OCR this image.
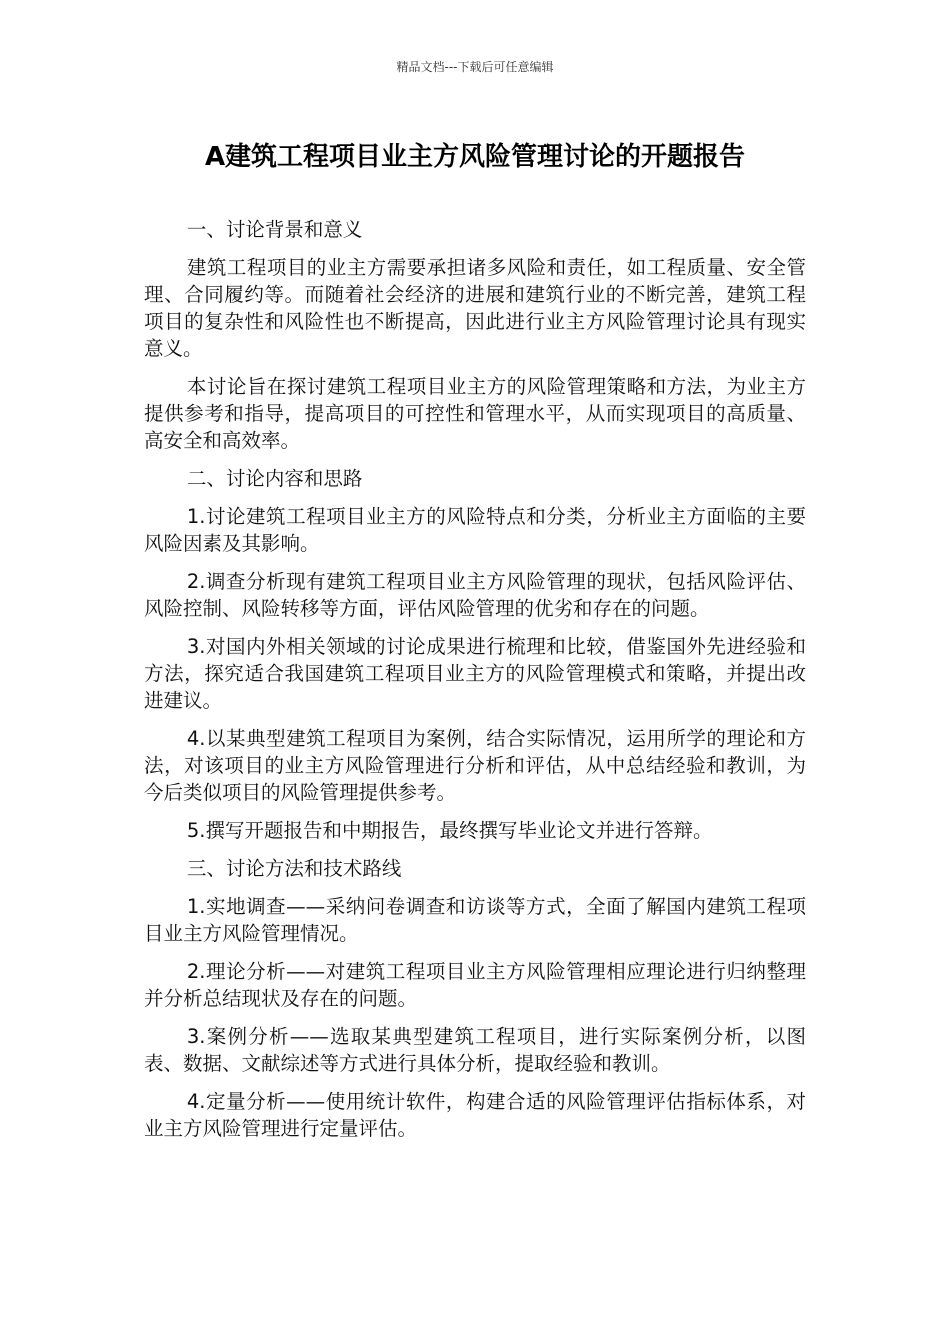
精品文档---下载后可任意编辑
A建筑工程项目业主方风险管理讨论的开题报告

一、讨论背景和意义

建筑工程项目的业主方需要承担诸多风险和责任，如工程质量、安全管理、合同履约等。而随着社会经济的进展和建筑行业的不断完善，建筑工程项目的复杂性和风险性也不断提高，因此进行业主方风险管理讨论具有现实意义。

本讨论旨在探讨建筑工程项目业主方的风险管理策略和方法，为业主方提供参考和指导，提高项目的可控性和管理水平，从而实现项目的高质量、高安全和高效率。

二、讨论内容和思路

1.讨论建筑工程项目业主方的风险特点和分类，分析业主方面临的主要风险因素及其影响。

2.调查分析现有建筑工程项目业主方风险管理的现状，包括风险评估、风险控制、风险转移等方面，评估风险管理的优劣和存在的问题。

3.对国内外相关领域的讨论成果进行梳理和比较，借鉴国外先进经验和方法，探究适合我国建筑工程项目业主方的风险管理模式和策略，并提出改进建议。

4.以某典型建筑工程项目为案例，结合实际情况，运用所学的理论和方法，对该项目的业主方风险管理进行分析和评估，从中总结经验和教训，为今后类似项目的风险管理提供参考。

5.撰写开题报告和中期报告，最终撰写毕业论文并进行答辩。

三、讨论方法和技术路线

1.实地调查——采纳问卷调查和访谈等方式，全面了解国内建筑工程项目业主方风险管理情况。

2.理论分析——对建筑工程项目业主方风险管理相应理论进行归纳整理并分析总结现状及存在的问题。

3.案例分析——选取某典型建筑工程项目，进行实际案例分析，以图表、数据、文献综述等方式进行具体分析，提取经验和教训。

4.定量分析——使用统计软件，构建合适的风险管理评估指标体系，对业主方风险管理进行定量评估。
